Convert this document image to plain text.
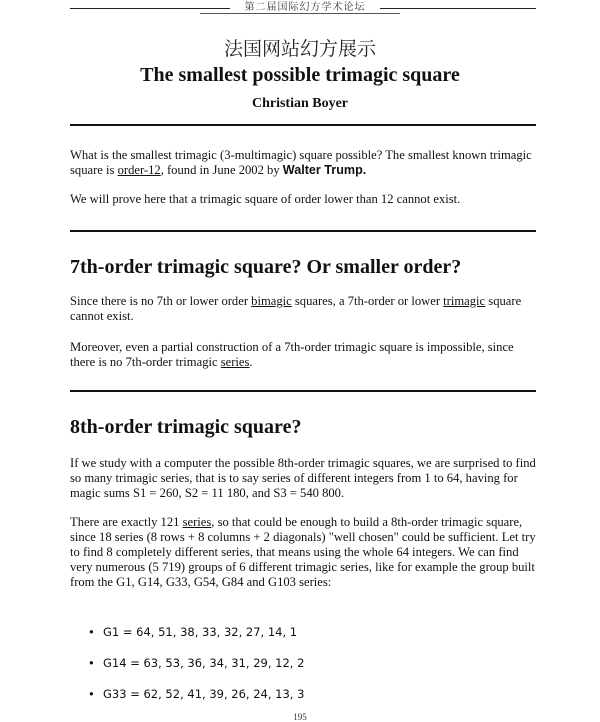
第二届国际幻方学术论坛
法国网站幻方展示
The smallest possible trimagic square
Christian Boyer

What is the smallest trimagic (3-multimagic) square possible? The smallest known trimagic square is order-12, found in June 2002 by Walter Trump.

We will prove here that a trimagic square of order lower than 12 cannot exist.

7th-order trimagic square? Or smaller order?

Since there is no 7th or lower order bimagic squares, a 7th-order or lower trimagic square cannot exist.

Moreover, even a partial construction of a 7th-order trimagic square is impossible, since there is no 7th-order trimagic series.

8th-order trimagic square?

If we study with a computer the possible 8th-order trimagic squares, we are surprised to find so many trimagic series, that is to say series of different integers from 1 to 64, having for magic sums S1 = 260, S2 = 11 180, and S3 = 540 800.

There are exactly 121 series, so that could be enough to build a 8th-order trimagic square, since 18 series (8 rows + 8 columns + 2 diagonals) "well chosen" could be sufficient. Let try to find 8 completely different series, that means using the whole 64 integers. We can find very numerous (5 719) groups of 6 different trimagic series, like for example the group built from the G1, G14, G33, G54, G84 and G103 series:

• G1 = 64, 51, 38, 33, 32, 27, 14, 1
• G14 = 63, 53, 36, 34, 31, 29, 12, 2
• G33 = 62, 52, 41, 39, 26, 24, 13, 3
195
